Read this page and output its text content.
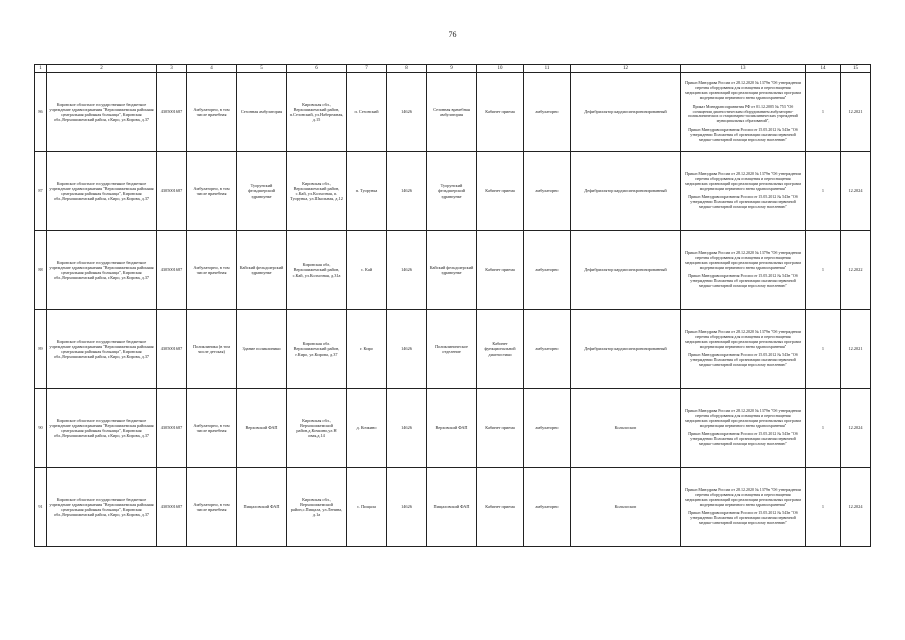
76
1	2	3	4	5	6	7	8	9	10	11	12	13	14	15
86	Кировское областное государственное бюджетное учреждение здравоохранения "Верхошижемская районная центральная районная больница", Кировская обл.,Верхошижемский район, г.Киро, ул.Кирова, д.37	4305001687	Амбулаторно, в том числе врачебная	Сезонная амбулатория	Кировская обл., Верхошижемский район, п.Сезонский, ул.Набережная, д.15	п. Сезонский	14626	Сезонная врачебная амбулатория	Кабинет приема	амбулаторно	Дефибриллятор кардиосинхронизированный	Приказ Минздрава России от 28.12.2020 № 1379н "Об утверждении перечня оборудования для оснащения и переоснащения медицинских организаций при реализации региональных программ модернизации первичного звена здравоохранения"
Приказ Минздравсоцразвития РФ от 01.12.2005 № 753 "Об оснащении диагностическим оборудованием амбулаторно-поликлинических и стационарно-поликлинических учреждений муниципальных образований",
Приказ Минздравсоцразвития России от 15.05.2012 № 543н "Об утверждении Положения об организации оказания первичной медико-санитарной помощи взрослому населению"	1	12.2021
87	Кировское областное государственное бюджетное учреждение здравоохранения "Верхошижемская районная центральная районная больница", Кировская обл.,Верхошижемский район, г.Киро, ул.Кирова, д.37	4305001687	Амбулаторно, в том числе врачебная	Туорунский фельдшерский здравпункт	Кировская обл., Верхошижемский район, с.Кай, ул.Колхозная, п. Туорунка, ул.Школьная, д.12	п. Туорунка	14626	Туорунский фельдшерский здравпункт	Кабинет приема	амбулаторно	Дефибриллятор кардиосинхронизированный	Приказ Минздрава России от 28.12.2020 № 1379н "Об утверждении перечня оборудования для оснащения и переоснащения медицинских организаций при реализации региональных программ модернизации первичного звена здравоохранения"
Приказ Минздравсоцразвития России от 15.05.2012 № 543н "Об утверждении Положения об организации оказания первичной медико-санитарной помощи взрослому населению"	1	12.2024
88	Кировское областное государственное бюджетное учреждение здравоохранения "Верхошижемская районная центральная районная больница", Кировская обл.,Верхошижемский район, г.Киро, ул.Кирова, д.37	4305001687	Амбулаторно, в том числе врачебная	Кайский фельдшерский здравпункт	Кировская обл, Верхошижемский район, с.Кай, ул.Колхозная, д.31а	с. Кай	14626	Кайский фельдшерский здравпункт	Кабинет приема	амбулаторно	Дефибриллятор кардиосинхронизированный	Приказ Минздрава России от 28.12.2020 № 1379н "Об утверждении перечня оборудования для оснащения и переоснащения медицинских организаций при реализации региональных программ модернизации первичного звена здравоохранения"
Приказ Минздравсоцразвития России от 15.05.2012 № 543н "Об утверждении Положения об организации оказания первичной медико-санитарной помощи взрослому населению"	1	12.2022
89	Кировское областное государственное бюджетное учреждение здравоохранения "Верхошижемская районная центральная районная больница", Кировская обл.,Верхошижемский район, г.Киро, ул.Кирова, д.37	4305001687	Поликлиника (в том числе детская)	Здание поликлиники	Кировская обл. Верхошижемский район, г.Киро, ул.Кирова, д.37	г. Киро	14626	Поликлиническое отделение	Кабинет функциональной диагностики	амбулаторно	Дефибриллятор кардиосинхронизированный	Приказ Минздрава России от 28.12.2020 № 1379н "Об утверждении перечня оборудования для оснащения и переоснащения медицинских организаций при реализации региональных программ модернизации первичного звена здравоохранения"
Приказ Минздравсоцразвития России от 15.05.2012 № 543н "Об утверждении Положения об организации оказания первичной медико-санитарной помощи взрослому населению"	1	12.2021
90	Кировское областное государственное бюджетное учреждение здравоохранения "Верхошижемская районная центральная районная больница", Кировская обл.,Верхошижемский район, г.Киро, ул.Кирова, д.37	4305001687	Амбулаторно, в том числе врачебная	Верховский ФАП	Кировская обл., Верхошижемский район,д.Кочкино,ул.Н овая,д.14	д. Кочкино	14626	Верховский ФАП	Кабинет приема	амбулаторно	Кольпоскоп	Приказ Минздрава России от 28.12.2020 № 1379н "Об утверждении перечня оборудования для оснащения и переоснащения медицинских организаций при реализации региональных программ модернизации первичного звена здравоохранения"
Приказ Минздравсоцразвития России от 15.05.2012 № 543н "Об утверждении Положения об организации оказания первичной медико-санитарной помощи взрослому населению"	1	12.2024
91	Кировское областное государственное бюджетное учреждение здравоохранения "Верхошижемская районная центральная районная больница", Кировская обл.,Верхошижемский район, г.Киро, ул.Кирова, д.37	4305001687	Амбулаторно, в том числе врачебная	Пищаловский ФАП	Кировская обл., Верхошижемский район,с.Пищала, ул.Ленина, д.1а	с. Пищала	14626	Пищаловский ФАП	Кабинет приема	амбулаторно	Кольпоскоп	Приказ Минздрава России от 28.12.2020 № 1379н "Об утверждении перечня оборудования для оснащения и переоснащения медицинских организаций при реализации региональных программ модернизации первичного звена здравоохранения"
Приказ Минздравсоцразвития России от 15.05.2012 № 543н "Об утверждении Положения об организации оказания первичной медико-санитарной помощи взрослому населению"	1	12.2024
